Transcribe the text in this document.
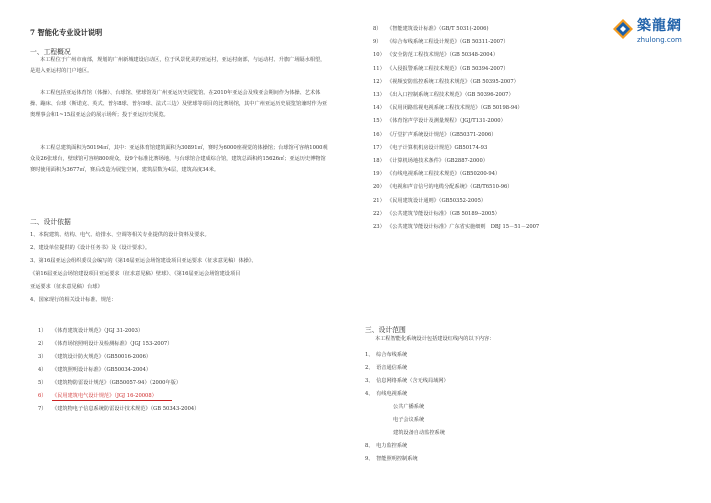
築龍網
zhulong.com
7 智能化专业设计说明
一、工程概况
本工程位于广州市南部，规划的广州新城建设启动区，位于风景优美的亚运村，亚运村南部，与运动村、升旗广场隔水相望，是进入亚运村的门户地区。
本工程包括亚运体育馆（体操）、台球馆、壁球馆及广州亚运历史展览馆。在2010年亚运会及残亚会期间作为体操、艺术体操、蹦床、台球（斯诺克、英式、普尔8球、普尔9球、法式三边）及壁球等项目的比赛场馆，其中广州亚运历史展览馆兼时作为亚奥理事会和1~15届亚运会的展示场所；投于亚运历史展览。
本工程总建筑面积为50194㎡，其中：亚运体育馆建筑面积为30891㎡，赛时为6000座视觉的体操馆；台球馆可容纳1000观众及26张球台，壁球馆可容纳800观众，设9个标准比赛场地，与台球馆合建成综合馆，建筑总面积约15626㎡；亚运历史博物馆赛时使用面积为3677㎡，赛后改造为展览空间，建筑层数为4层，建筑高度34米。
二、设计依据
1、本院建筑、结构、电气、给排水、空调等相关专业提供的设计资料及要求。
2、建设单位提供的《设计任务书》及《设计要求》。
3、第16届亚运会组织委员会编写的《第16届亚运会场馆建设项目亚运要求（征求意见稿）体操》、
《第16届亚运会场馆建设项目亚运要求（征求意见稿）壁球》、《第16届亚运会场馆建设项目
亚运要求（征求意见稿）台球》
4、国家现行的相关设计标准、规范：
1） 《体育建筑设计规范》（JGJ 31-2003）
2） 《体育场馆照明设计及检测标准》（JGJ 153-2007）
3） 《建筑设计防火规范》（GB50016-2006）
4） 《建筑照明设计标准》（GB50034-2004）
5） 《建筑物防雷设计规范》（GB50057-94）（2000年版）
6） 《民用建筑电气设计规范》（JGJ 16-20008）
7） 《建筑物电子信息系统防雷设计技术规范》（GB 50343-2004）
8） 《智能建筑设计标准》（GB/T 5031(-2006)
9） 《综合布线系统工程设计规范》（GB 50311-2007）
10） 《安全防范工程技术规范》（GB 50348-2004）
11） 《入侵报警系统工程技术规范》（GB 50394-2007）
12） 《视频安防监控系统工程技术规范》（GB 50395-2007）
13） 《出入口控制系统工程技术规范》（GB 50396-2007）
14） 《民用闭路监视电视系统工程技术规范》（GB 50198-94）
15） 《体育馆声学设计及测量规程》（JGJ/T131-2000）
16） 《厅堂扩声系统设计规范》（GB50371-2006）
17） 《电子计算机机房设计规范》GB50174-93
18） 《计算机场地技术条件》（GB2887-2000）
19） 《有线电视系统工程技术规范》（GB50200-94）
20） 《电视和声音信号的电缆分配系统》（GB/T6510-96）
21） 《民用建筑设计通则》（GB50352-2005）
22） 《公共建筑节能设计标准》（GB 50189--2005）
23） 《公共建筑节能设计标准》广东省实施细则　DBJ 15－51－2007
三、设计范围
本工程智能化系统设计包括建设红线内的以下内容：
1、　综合布线系统
2、　语音通信系统
3、　信息网络系统（含无线局域网）
4、　有线电视系统
公共广播系统
电子会议系统
建筑设备自动监控系统
8、　电力监控系统
9、　智能照明控制系统
